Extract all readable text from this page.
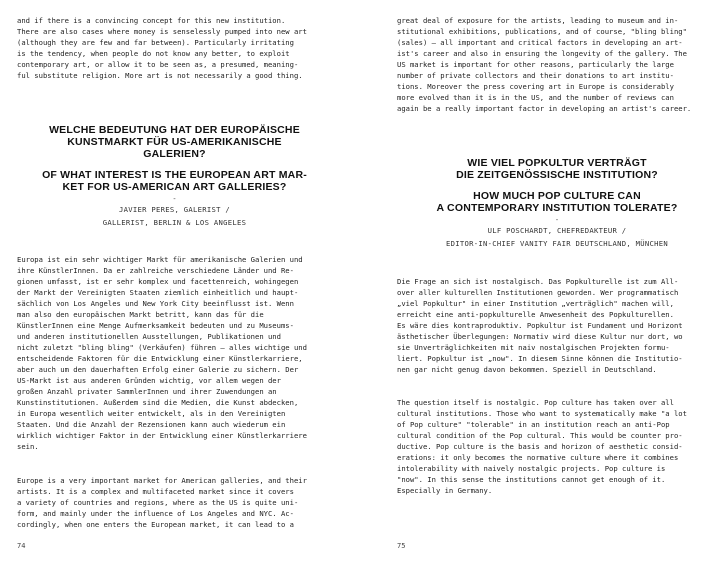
and if there is a convincing concept for this new institution.

There are also cases where money is senselessly pumped into new art

(although they are few and far between). Particularly irritating

is the tendency, when people do not know any better, to exploit

contemporary art, or allow it to be seen as, a presumed, meaning-

ful substitute religion. More art is not necessarily a good thing.

WELCHE BEDEUTUNG HAT DER EUROPÄISCHE

KUNSTMARKT FÜR US-AMERIKANISCHE

GALERIEN?

OF WHAT INTEREST IS THE EUROPEAN ART MAR-

KET FOR US-AMERICAN ART GALLERIES?

-

JAVIER PERES, GALERIST /

GALLERIST, BERLIN & LOS ANGELES

Europa ist ein sehr wichtiger Markt für amerikanische Galerien und

ihre KünstlerInnen. Da er zahlreiche verschiedene Länder und Re-

gionen umfasst, ist er sehr komplex und facettenreich, wohingegen

der Markt der Vereinigten Staaten ziemlich einheitlich und haupt-

sächlich von Los Angeles und New York City beeinflusst ist. Wenn

man also den europäischen Markt betritt, kann das für die

KünstlerInnen eine Menge Aufmerksamkeit bedeuten und zu Museums-

und anderen institutionellen Ausstellungen, Publikationen und

nicht zuletzt "bling bling" (Verkäufen) führen – alles wichtige und

entscheidende Faktoren für die Entwicklung einer Künstlerkarriere,

aber auch um den dauerhaften Erfolg einer Galerie zu sichern. Der

US-Markt ist aus anderen Gründen wichtig, vor allem wegen der

großen Anzahl privater SammlerInnen und ihrer Zuwendungen an

Kunstinstitutionen. Außerdem sind die Medien, die Kunst abdecken,

in Europa wesentlich weiter entwickelt, als in den Vereinigten

Staaten. Und die Anzahl der Rezensionen kann auch wiederum ein

wirklich wichtiger Faktor in der Entwicklung einer Künstlerkarriere

sein.

Europe is a very important market for American galleries, and their

artists. It is a complex and multifaceted market since it covers

a variety of countries and regions, where as the US is quite uni-

form, and mainly under the influence of Los Angeles and NYC. Ac-

cordingly, when one enters the European market, it can lead to a

74

great deal of exposure for the artists, leading to museum and in-

stitutional exhibitions, publications, and of course, "bling bling"

(sales) – all important and critical factors in developing an art-

ist's career and also in ensuring the longevity of the gallery. The

US market is important for other reasons, particularly the large

number of private collectors and their donations to art institu-

tions. Moreover the press covering art in Europe is considerably

more evolved than it is in the US, and the number of reviews can

again be a really important factor in developing an artist's career.

WIE VIEL POPKULTUR VERTRÄGT

DIE ZEITGENÖSSISCHE INSTITUTION?

HOW MUCH POP CULTURE CAN

A CONTEMPORARY INSTITUTION TOLERATE?

-

ULF POSCHARDT, CHEFREDAKTEUR /

EDITOR-IN-CHIEF VANITY FAIR DEUTSCHLAND, MÜNCHEN

Die Frage an sich ist nostalgisch. Das Popkulturelle ist zum All-

over aller kulturellen Institutionen geworden. Wer programmatisch

„viel Popkultur" in einer Institution „verträglich" machen will,

erreicht eine anti-popkulturelle Anwesenheit des Popkulturellen.

Es wäre dies kontraproduktiv. Popkultur ist Fundament und Horizont

ästhetischer Überlegungen: Normativ wird diese Kultur nur dort, wo

sie Unverträglichkeiten mit naiv nostalgischen Projekten formu-

liert. Popkultur ist „now". In diesem Sinne können die Institutio-

nen gar nicht genug davon bekommen. Speziell in Deutschland.

The question itself is nostalgic. Pop culture has taken over all

cultural institutions. Those who want to systematically make "a lot

of Pop culture" "tolerable" in an institution reach an anti-Pop

cultural condition of the Pop cultural. This would be counter pro-

ductive. Pop culture is the basis and horizon of aesthetic consid-

erations: it only becomes the normative culture where it combines

intolerability with naively nostalgic projects. Pop culture is

"now". In this sense the institutions cannot get enough of it.

Especially in Germany.

75
